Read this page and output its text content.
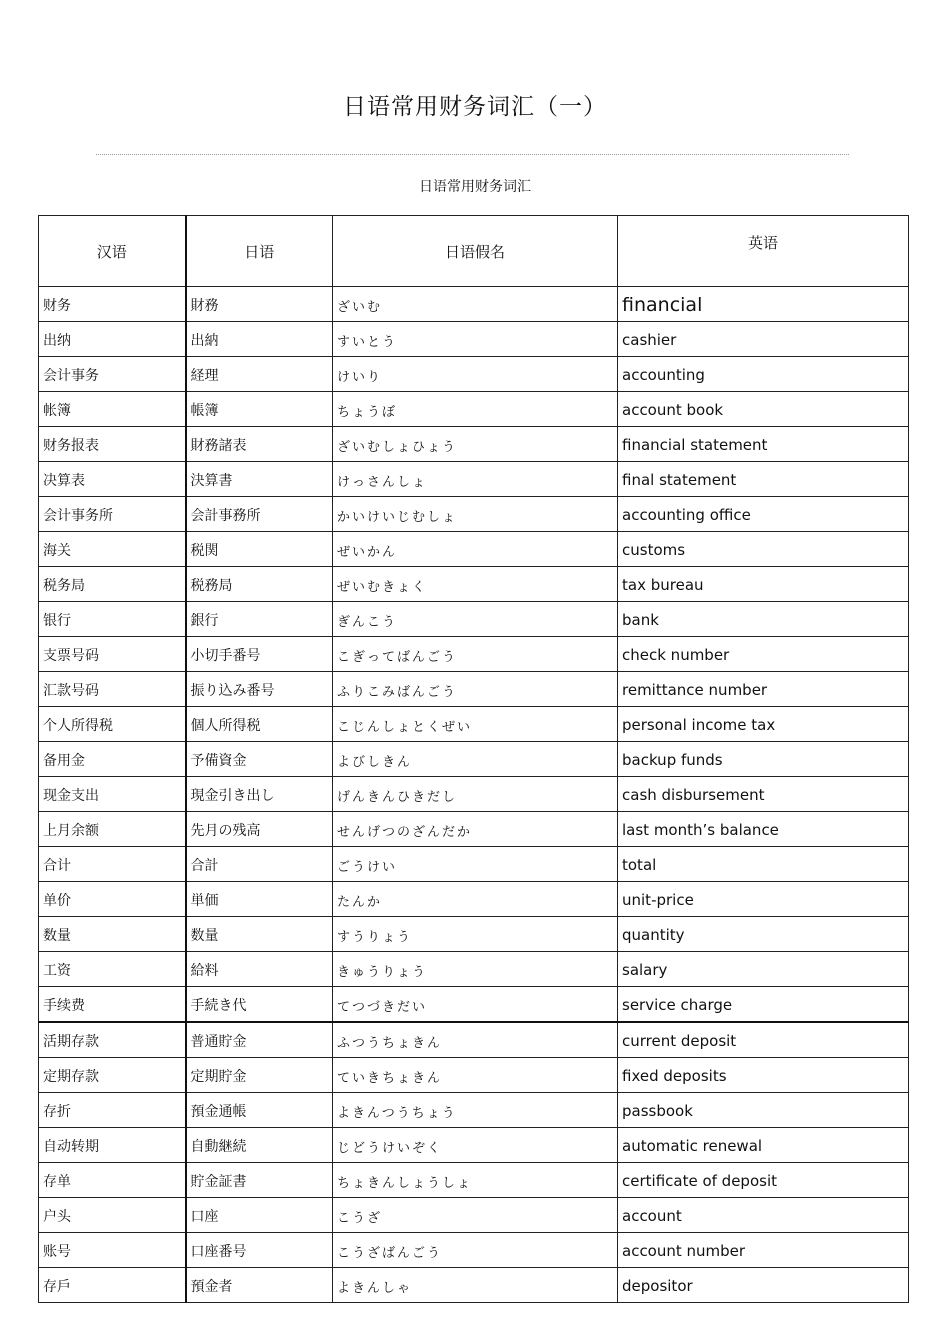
日语常用财务词汇（一）
日语常用财务词汇
汉语	日语	日语假名	英语
财务	財務	ざいむ	financial
出纳	出納	すいとう	cashier
会计事务	経理	けいり	accounting
帐簿	帳簿	ちょうぼ	account book
财务报表	財務諸表	ざいむしょひょう	financial statement
决算表	決算書	けっさんしょ	final statement
会计事务所	会計事務所	かいけいじむしょ	accounting office
海关	税関	ぜいかん	customs
税务局	税務局	ぜいむきょく	tax bureau
银行	銀行	ぎんこう	bank
支票号码	小切手番号	こぎってばんごう	check number
汇款号码	振り込み番号	ふりこみばんごう	remittance number
个人所得税	個人所得税	こじんしょとくぜい	personal income tax
备用金	予備資金	よびしきん	backup funds
现金支出	現金引き出し	げんきんひきだし	cash disbursement
上月余额	先月の残高	せんげつのざんだか	last month’s balance
合计	合計	ごうけい	total
单价	単価	たんか	unit-price
数量	数量	すうりょう	quantity
工资	給料	きゅうりょう	salary
手续费	手続き代	てつづきだい	service charge
活期存款	普通貯金	ふつうちょきん	current deposit
定期存款	定期貯金	ていきちょきん	fixed deposits
存折	預金通帳	よきんつうちょう	passbook
自动转期	自動継続	じどうけいぞく	automatic renewal
存单	貯金証書	ちょきんしょうしょ	certificate of deposit
户头	口座	こうざ	account
账号	口座番号	こうざばんごう	account number
存戶	預金者	よきんしゃ	depositor
